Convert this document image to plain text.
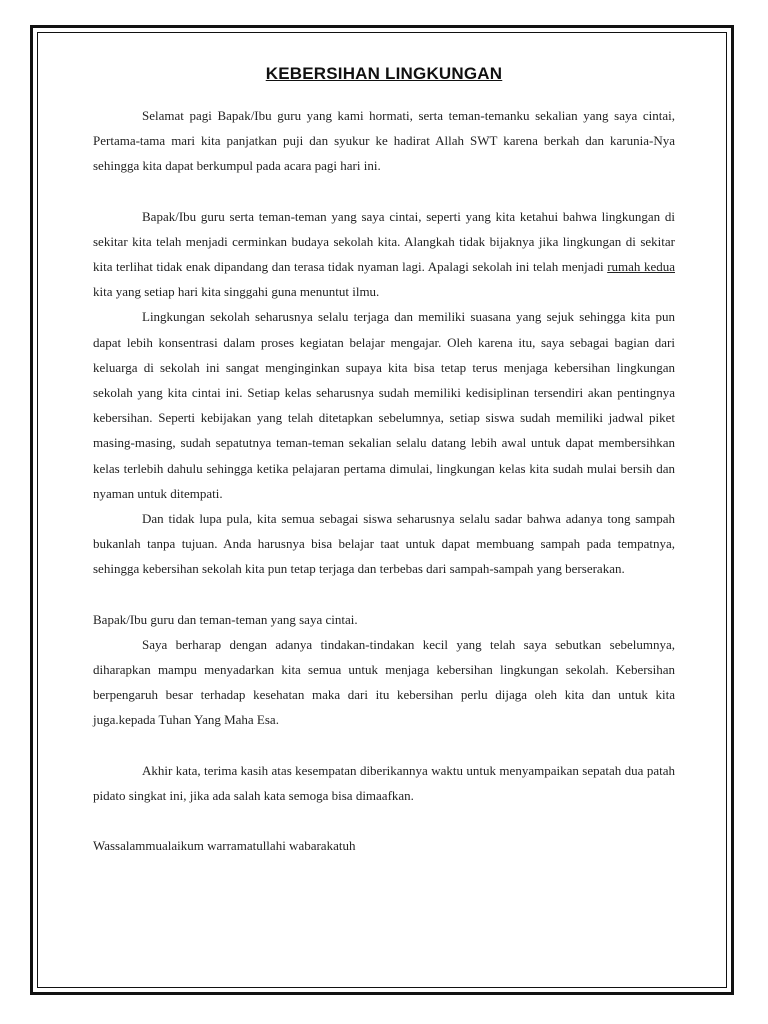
KEBERSIHAN LINGKUNGAN

Selamat pagi Bapak/Ibu guru yang kami hormati, serta teman-temanku sekalian yang saya cintai, Pertama-tama mari kita panjatkan puji dan syukur ke hadirat Allah SWT karena berkah dan karunia-Nya sehingga kita dapat berkumpul pada acara pagi hari ini.

Bapak/Ibu guru serta teman-teman yang saya cintai, seperti yang kita ketahui bahwa lingkungan di sekitar kita telah menjadi cerminkan budaya sekolah kita. Alangkah tidak bijaknya jika lingkungan di sekitar kita terlihat tidak enak dipandang dan terasa tidak nyaman lagi. Apalagi sekolah ini telah menjadi rumah kedua kita yang setiap hari kita singgahi guna menuntut ilmu.

Lingkungan sekolah seharusnya selalu terjaga dan memiliki suasana yang sejuk sehingga kita pun dapat lebih konsentrasi dalam proses kegiatan belajar mengajar. Oleh karena itu, saya sebagai bagian dari keluarga di sekolah ini sangat menginginkan supaya kita bisa tetap terus menjaga kebersihan lingkungan sekolah yang kita cintai ini. Setiap kelas seharusnya sudah memiliki kedisiplinan tersendiri akan pentingnya kebersihan. Seperti kebijakan yang telah ditetapkan sebelumnya, setiap siswa sudah memiliki jadwal piket masing-masing, sudah sepatutnya teman-teman sekalian selalu datang lebih awal untuk dapat membersihkan kelas terlebih dahulu sehingga ketika pelajaran pertama dimulai, lingkungan kelas kita sudah mulai bersih dan nyaman untuk ditempati.

Dan tidak lupa pula, kita semua sebagai siswa seharusnya selalu sadar bahwa adanya tong sampah bukanlah tanpa tujuan. Anda harusnya bisa belajar taat untuk dapat membuang sampah pada tempatnya, sehingga kebersihan sekolah kita pun tetap terjaga dan terbebas dari sampah-sampah yang berserakan.

Bapak/Ibu guru dan teman-teman yang saya cintai.

Saya berharap dengan adanya tindakan-tindakan kecil yang telah saya sebutkan sebelumnya, diharapkan mampu menyadarkan kita semua untuk menjaga kebersihan lingkungan sekolah. Kebersihan berpengaruh besar terhadap kesehatan maka dari itu kebersihan perlu dijaga oleh kita dan untuk kita juga.kepada Tuhan Yang Maha Esa.

Akhir kata, terima kasih atas kesempatan diberikannya waktu untuk menyampaikan sepatah dua patah pidato singkat ini, jika ada salah kata semoga bisa dimaafkan.

Wassalammualaikum warramatullahi wabarakatuh
